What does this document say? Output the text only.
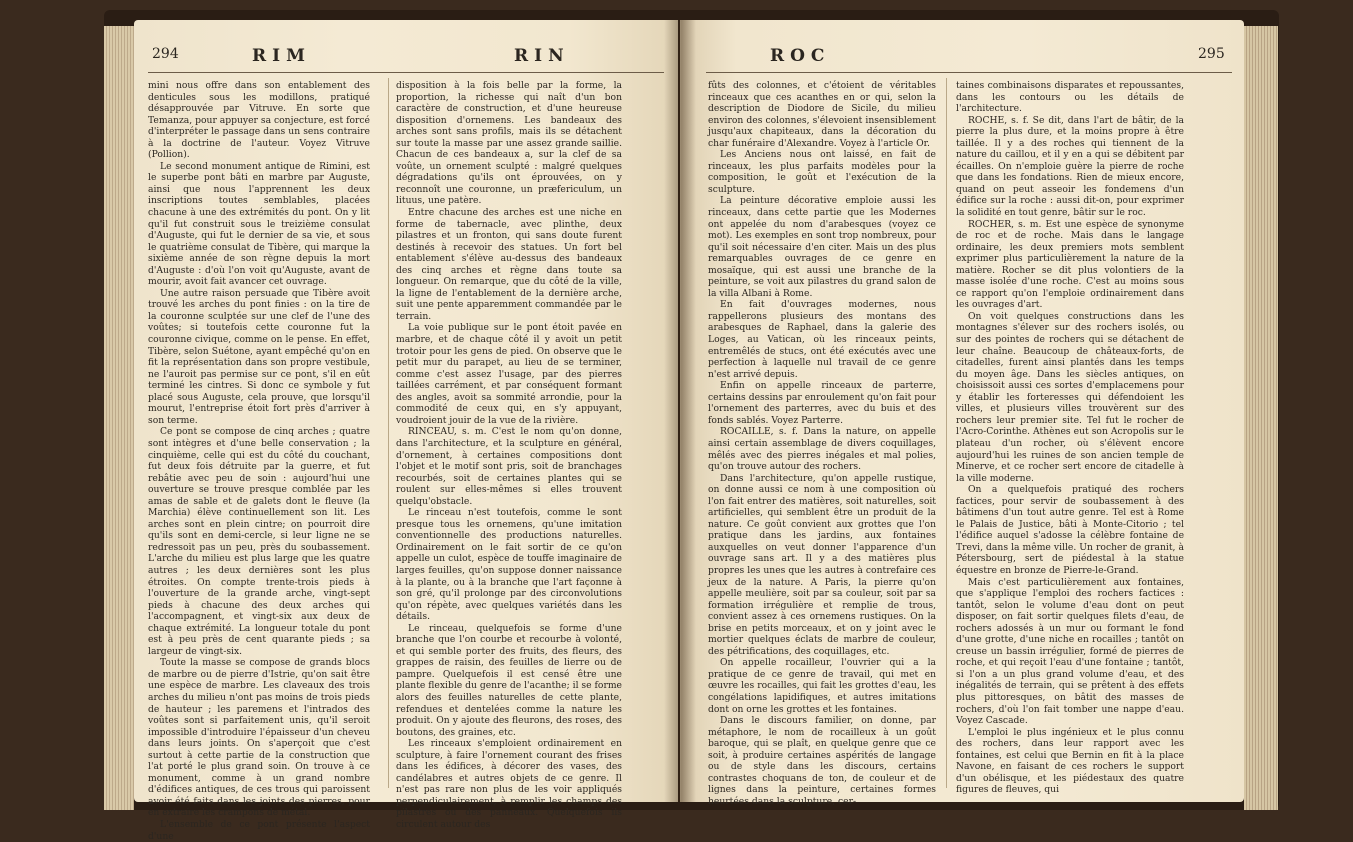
294	RIM	RIN

mini nous offre dans son entablement des denticules sous les modillons, pratiqué désapprouvée par Vitruve. En sorte que Temanza, pour appuyer sa conjecture, est forcé d'interpréter le passage dans un sens contraire à la doctrine de l'auteur. Voyez Vitruve (Pollion).

Le second monument antique de Rimini, est le superbe pont bâti en marbre par Auguste, ainsi que nous l'apprennent les deux inscriptions toutes semblables, placées chacune à une des extrémités du pont. On y lit qu'il fut construit sous le treizième consulat d'Auguste, qui fut le dernier de sa vie, et sous le quatrième consulat de Tibère, qui marque la sixième année de son règne depuis la mort d'Auguste : d'où l'on voit qu'Auguste, avant de mourir, avoit fait avancer cet ouvrage.

Une autre raison persuade que Tibère avoit trouvé les arches du pont finies : on la tire de la couronne sculptée sur une clef de l'une des voûtes; si toutefois cette couronne fut la couronne civique, comme on le pense. En effet, Tibère, selon Suétone, ayant empêché qu'on en fit la représentation dans son propre vestibule, ne l'auroit pas permise sur ce pont, s'il en eût terminé les cintres. Si donc ce symbole y fut placé sous Auguste, cela prouve, que lorsqu'il mourut, l'entreprise étoit fort près d'arriver à son terme.

Ce pont se compose de cinq arches ; quatre sont intègres et d'une belle conservation ; la cinquième, celle qui est du côté du couchant, fut deux fois détruite par la guerre, et fut rebâtie avec peu de soin : aujourd'hui une ouverture se trouve presque comblée par les amas de sable et de galets dont le fleuve (la Marchia) élève continuellement son lit. Les arches sont en plein cintre; on pourroit dire qu'ils sont en demi-cercle, si leur ligne ne se redressoit pas un peu, près du soubassement. L'arche du milieu est plus large que les quatre autres ; les deux dernières sont les plus étroites. On compte trente-trois pieds à l'ouverture de la grande arche, vingt-sept pieds à chacune des deux arches qui l'accompagnent, et vingt-six aux deux de chaque extrémité. La longueur totale du pont est à peu près de cent quarante pieds ; sa largeur de vingt-six.

Toute la masse se compose de grands blocs de marbre ou de pierre d'Istrie, qu'on sait être une espèce de marbre. Les claveaux des trois arches du milieu n'ont pas moins de trois pieds de hauteur ; les paremens et l'intrados des voûtes sont si parfaitement unis, qu'il seroit impossible d'introduire l'épaisseur d'un cheveu dans leurs joints. On s'aperçoit que c'est surtout à cette partie de la construction que l'at porté le plus grand soin. On trouve à ce monument, comme à un grand nombre d'édifices antiques, de ces trous qui paroissent avoir été faits dans les joints des pierres, pour en extraire les crampons de métal.

L'ensemble de ce pont présente l'aspect d'une

disposition à la fois belle par la forme, la proportion, la richesse qui naît d'un bon caractère de construction, et d'une heureuse disposition d'ornemens. Les bandeaux des arches sont sans profils, mais ils se détachent sur toute la masse par une assez grande saillie. Chacun de ces bandeaux a, sur la clef de sa voûte, un ornement sculpté : malgré quelques dégradations qu'ils ont éprouvées, on y reconnoît une couronne, un præfericulum, un lituus, une patère.

Entre chacune des arches est une niche en forme de tabernacle, avec plinthe, deux pilastres et un fronton, qui sans doute furent destinés à recevoir des statues. Un fort bel entablement s'élève au-dessus des bandeaux des cinq arches et règne dans toute sa longueur. On remarque, que du côté de la ville, la ligne de l'entablement de la dernière arche, suit une pente apparemment commandée par le terrain.

La voie publique sur le pont étoit pavée en marbre, et de chaque côté il y avoit un petit trotoir pour les gens de pied. On observe que le petit mur du parapet, au lieu de se terminer, comme c'est assez l'usage, par des pierres taillées carrément, et par conséquent formant des angles, avoit sa sommité arrondie, pour la commodité de ceux qui, en s'y appuyant, voudroient jouir de la vue de la rivière.

RINCEAU, s. m. C'est le nom qu'on donne, dans l'architecture, et la sculpture en général, d'ornement, à certaines compositions dont l'objet et le motif sont pris, soit de branchages recourbés, soit de certaines plantes qui se roulent sur elles-mêmes si elles trouvent quelqu'obstacle.

Le rinceau n'est toutefois, comme le sont presque tous les ornemens, qu'une imitation conventionnelle des productions naturelles. Ordinairement on le fait sortir de ce qu'on appelle un culot, espèce de touffe imaginaire de larges feuilles, qu'on suppose donner naissance à la plante, ou à la branche que l'art façonne à son gré, qu'il prolonge par des circonvolutions qu'on répète, avec quelques variétés dans les détails.

Le rinceau, quelquefois se forme d'une branche que l'on courbe et recourbe à volonté, et qui semble porter des fruits, des fleurs, des grappes de raisin, des feuilles de lierre ou de pampre. Quelquefois il est censé être une plante flexible du genre de l'acanthe; il se forme alors des feuilles naturelles de cette plante, refendues et dentelées comme la nature les produit. On y ajoute des fleurons, des roses, des boutons, des graines, etc.

Les rinceaux s'emploient ordinairement en sculpture, à faire l'ornement courant des frises dans les édifices, à décorer des vases, des candélabres et autres objets de ce genre. Il n'est pas rare non plus de les voir appliqués perpendiculairement, à remplir les champs des pilastres ou des panneaux. Quelquefois ils circulent autour des

ROC	295

fûts des colonnes, et c'étoient de véritables rinceaux que ces acanthes en or qui, selon la description de Diodore de Sicile, du milieu environ des colonnes, s'élevoient insensiblement jusqu'aux chapiteaux, dans la décoration du char funéraire d'Alexandre. Voyez à l'article Or.

Les Anciens nous ont laissé, en fait de rinceaux, les plus parfaits modèles pour la composition, le goût et l'exécution de la sculpture.

La peinture décorative emploie aussi les rinceaux, dans cette partie que les Modernes ont appelée du nom d'arabesques (voyez ce mot). Les exemples en sont trop nombreux, pour qu'il soit nécessaire d'en citer. Mais un des plus remarquables ouvrages de ce genre en mosaïque, qui est aussi une branche de la peinture, se voit aux pilastres du grand salon de la villa Albani à Rome.

En fait d'ouvrages modernes, nous rappellerons plusieurs des montans des arabesques de Raphael, dans la galerie des Loges, au Vatican, où les rinceaux peints, entremêlés de stucs, ont été exécutés avec une perfection à laquelle nul travail de ce genre n'est arrivé depuis.

Enfin on appelle rinceaux de parterre, certains dessins par enroulement qu'on fait pour l'ornement des parterres, avec du buis et des fonds sablés. Voyez Parterre.

ROCAILLE, s. f. Dans la nature, on appelle ainsi certain assemblage de divers coquillages, mêlés avec des pierres inégales et mal polies, qu'on trouve autour des rochers.

Dans l'architecture, qu'on appelle rustique, on donne aussi ce nom à une composition où l'on fait entrer des matières, soit naturelles, soit artificielles, qui semblent être un produit de la nature. Ce goût convient aux grottes que l'on pratique dans les jardins, aux fontaines auxquelles on veut donner l'apparence d'un ouvrage sans art. Il y a des matières plus propres les unes que les autres à contrefaire ces jeux de la nature. A Paris, la pierre qu'on appelle meulière, soit par sa couleur, soit par sa formation irrégulière et remplie de trous, convient assez à ces ornemens rustiques. On la brise en petits morceaux, et on y joint avec le mortier quelques éclats de marbre de couleur, des pétrifications, des coquillages, etc.

On appelle rocailleur, l'ouvrier qui a la pratique de ce genre de travail, qui met en œuvre les rocailles, qui fait les grottes d'eau, les congélations lapidifiques, et autres imitations dont on orne les grottes et les fontaines.

Dans le discours familier, on donne, par métaphore, le nom de rocailleux à un goût baroque, qui se plaît, en quelque genre que ce soit, à produire certaines aspérités de langage ou de style dans les discours, certains contrastes choquans de ton, de couleur et de lignes dans la peinture, certaines formes heurtées dans la sculpture, cer-

taines combinaisons disparates et repoussantes, dans les contours ou les détails de l'architecture.

ROCHE, s. f. Se dit, dans l'art de bâtir, de la pierre la plus dure, et la moins propre à être taillée. Il y a des roches qui tiennent de la nature du caillou, et il y en a qui se débitent par écailles. On n'emploie guère la pierre de roche que dans les fondations. Rien de mieux encore, quand on peut asseoir les fondemens d'un édifice sur la roche : aussi dit-on, pour exprimer la solidité en tout genre, bâtir sur le roc.

ROCHER, s. m. Est une espèce de synonyme de roc et de roche. Mais dans le langage ordinaire, les deux premiers mots semblent exprimer plus particulièrement la nature de la matière. Rocher se dit plus volontiers de la masse isolée d'une roche. C'est au moins sous ce rapport qu'on l'emploie ordinairement dans les ouvrages d'art.

On voit quelques constructions dans les montagnes s'élever sur des rochers isolés, ou sur des pointes de rochers qui se détachent de leur chaîne. Beaucoup de châteaux-forts, de citadelles, furent ainsi plantés dans les temps du moyen âge. Dans les siècles antiques, on choisissoit aussi ces sortes d'emplacemens pour y établir les forteresses qui défendoient les villes, et plusieurs villes trouvèrent sur des rochers leur premier site. Tel fut le rocher de l'Acro-Corinthe. Athènes eut son Acropolis sur le plateau d'un rocher, où s'élèvent encore aujourd'hui les ruines de son ancien temple de Minerve, et ce rocher sert encore de citadelle à la ville moderne.

On a quelquefois pratiqué des rochers factices, pour servir de soubassement à des bâtimens d'un tout autre genre. Tel est à Rome le Palais de Justice, bâti à Monte-Citorio ; tel l'édifice auquel s'adosse la célèbre fontaine de Trevi, dans la même ville. Un rocher de granit, à Pétersbourg, sert de piédestal à la statue équestre en bronze de Pierre-le-Grand.

Mais c'est particulièrement aux fontaines, que s'applique l'emploi des rochers factices : tantôt, selon le volume d'eau dont on peut disposer, on fait sortir quelques filets d'eau, de rochers adossés à un mur ou formant le fond d'une grotte, d'une niche en rocailles ; tantôt on creuse un bassin irrégulier, formé de pierres de roche, et qui reçoit l'eau d'une fontaine ; tantôt, si l'on a un plus grand volume d'eau, et des inégalités de terrain, qui se prêtent à des effets plus pittoresques, on bâtit des masses de rochers, d'où l'on fait tomber une nappe d'eau. Voyez Cascade.

L'emploi le plus ingénieux et le plus connu des rochers, dans leur rapport avec les fontaines, est celui que Bernin en fit à la place Navone, en faisant de ces rochers le support d'un obélisque, et les piédestaux des quatre figures de fleuves, qui
